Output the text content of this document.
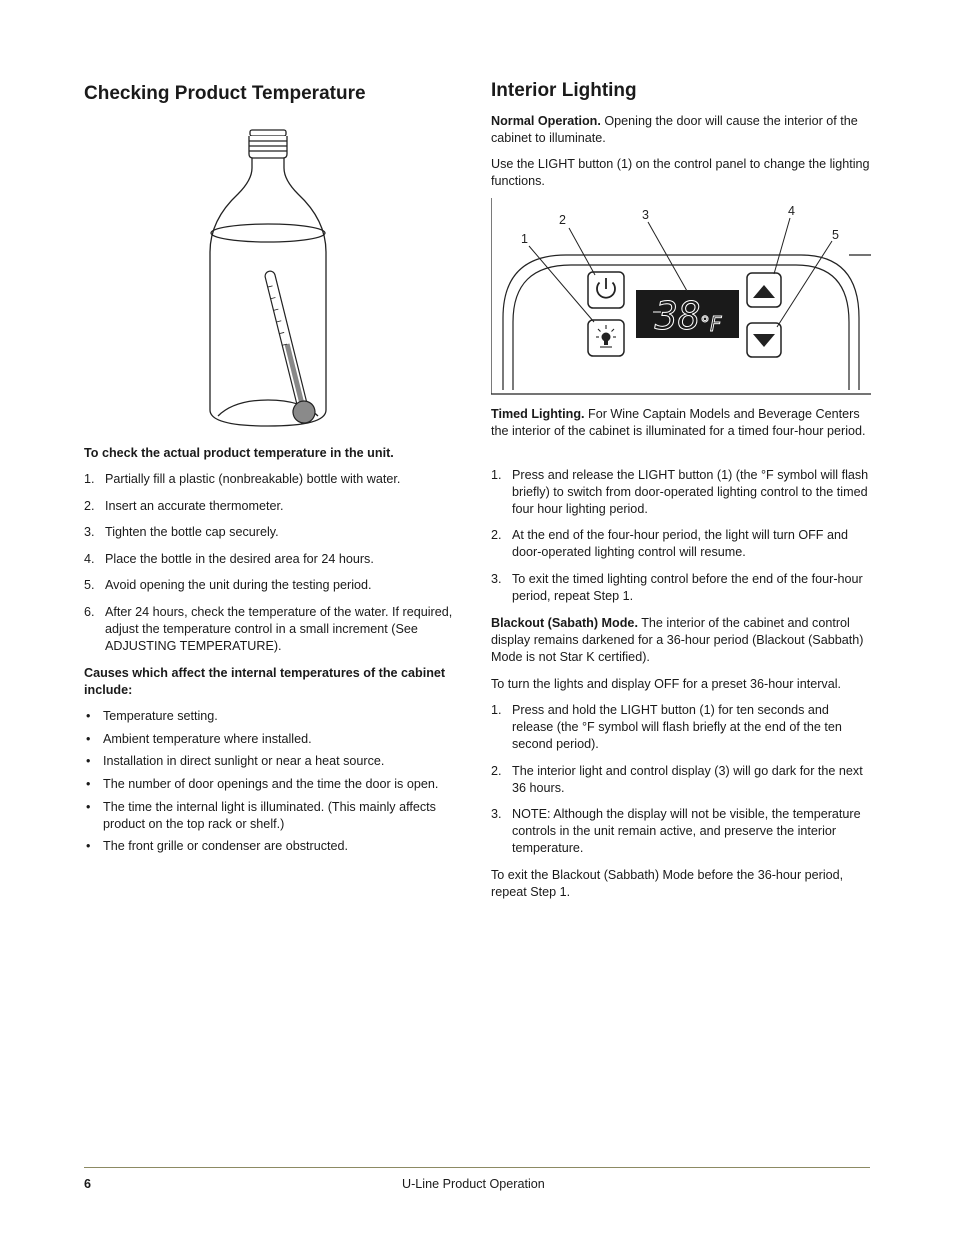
Checking Product Temperature

To check the actual product temperature in the unit.

1. Partially fill a plastic (nonbreakable) bottle with water.
2. Insert an accurate thermometer.
3. Tighten the bottle cap securely.
4. Place the bottle in the desired area for 24 hours.
5. Avoid opening the unit during the testing period.
6. After 24 hours, check the temperature of the water. If required, adjust the temperature control in a small increment (See ADJUSTING TEMPERATURE).

Causes which affect the internal temperatures of the cabinet include:

• Temperature setting.
• Ambient temperature where installed.
• Installation in direct sunlight or near a heat source.
• The number of door openings and the time the door is open.
• The time the internal light is illuminated. (This mainly affects product on the top rack or shelf.)
• The front grille or condenser are obstructed.
Interior Lighting

Normal Operation. Opening the door will cause the interior of the cabinet to illuminate.

Use the LIGHT button (1) on the control panel to change the lighting functions.

38 °F
1
2	3	4
5

Timed Lighting. For Wine Captain Models and Beverage Centers the interior of the cabinet is illuminated for a timed four-hour period.

1. Press and release the LIGHT button (1) (the °F symbol will flash briefly) to switch from door-operated lighting control to the timed four hour lighting period.
2. At the end of the four-hour period, the light will turn OFF and door-operated lighting control will resume.
3. To exit the timed lighting control before the end of the four-hour period, repeat Step 1.

Blackout (Sabath) Mode. The interior of the cabinet and control display remains darkened for a 36-hour period (Blackout (Sabbath) Mode is not Star K certified).

To turn the lights and display OFF for a preset 36-hour interval.

1. Press and hold the LIGHT button (1) for ten seconds and release (the °F symbol will flash briefly at the end of the ten second period).
2. The interior light and control display (3) will go dark for the next 36 hours.
3. NOTE: Although the display will not be visible, the temperature controls in the unit remain active, and preserve the interior temperature.

To exit the Blackout (Sabbath) Mode before the 36-hour period, repeat Step 1.

6	U-Line Product Operation
